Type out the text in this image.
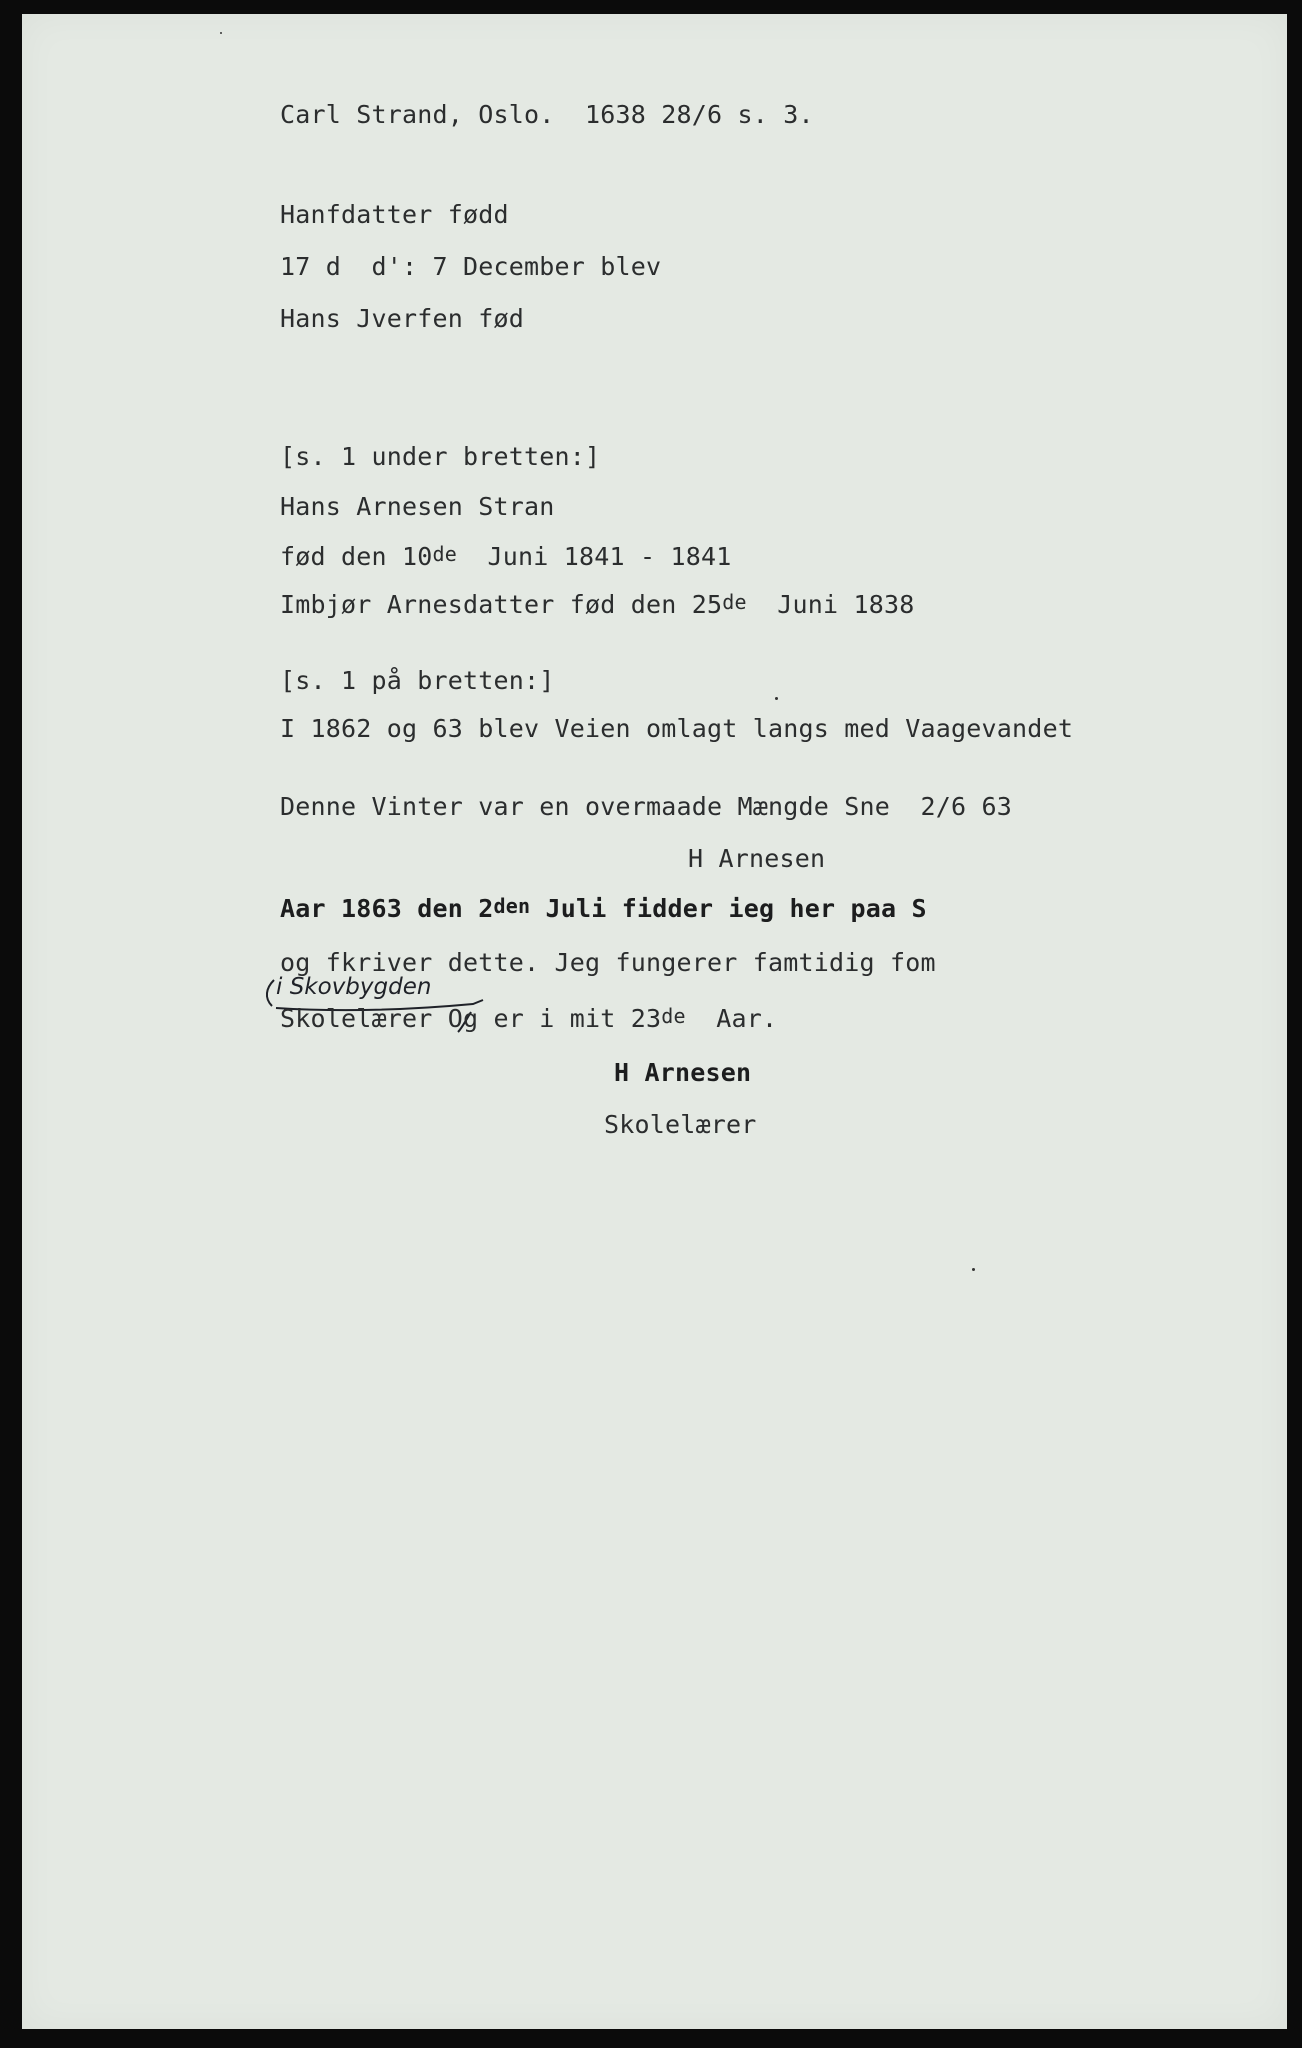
Carl Strand, Oslo.  1638 28/6 s. 3.
Hanfdatter fødd
17 d  d': 7 December blev
Hans Jverfen fød
[s. 1 under bretten:]
Hans Arnesen Stran
fød den 10de  Juni 1841 - 1841
Imbjør Arnesdatter fød den 25de  Juni 1838
[s. 1 på bretten:]
I 1862 og 63 blev Veien omlagt langs med Vaagevandet
Denne Vinter var en overmaade Mængde Sne  2/6 63
H Arnesen
Aar 1863 den $2^{den}$ Juli fidder ieg her paa S
og fkriver dette. Jeg fungerer famtidig fom
i Skovbygden
Skolelærer Og er i mit 23de  Aar.
H Arnesen
Skolelærer
